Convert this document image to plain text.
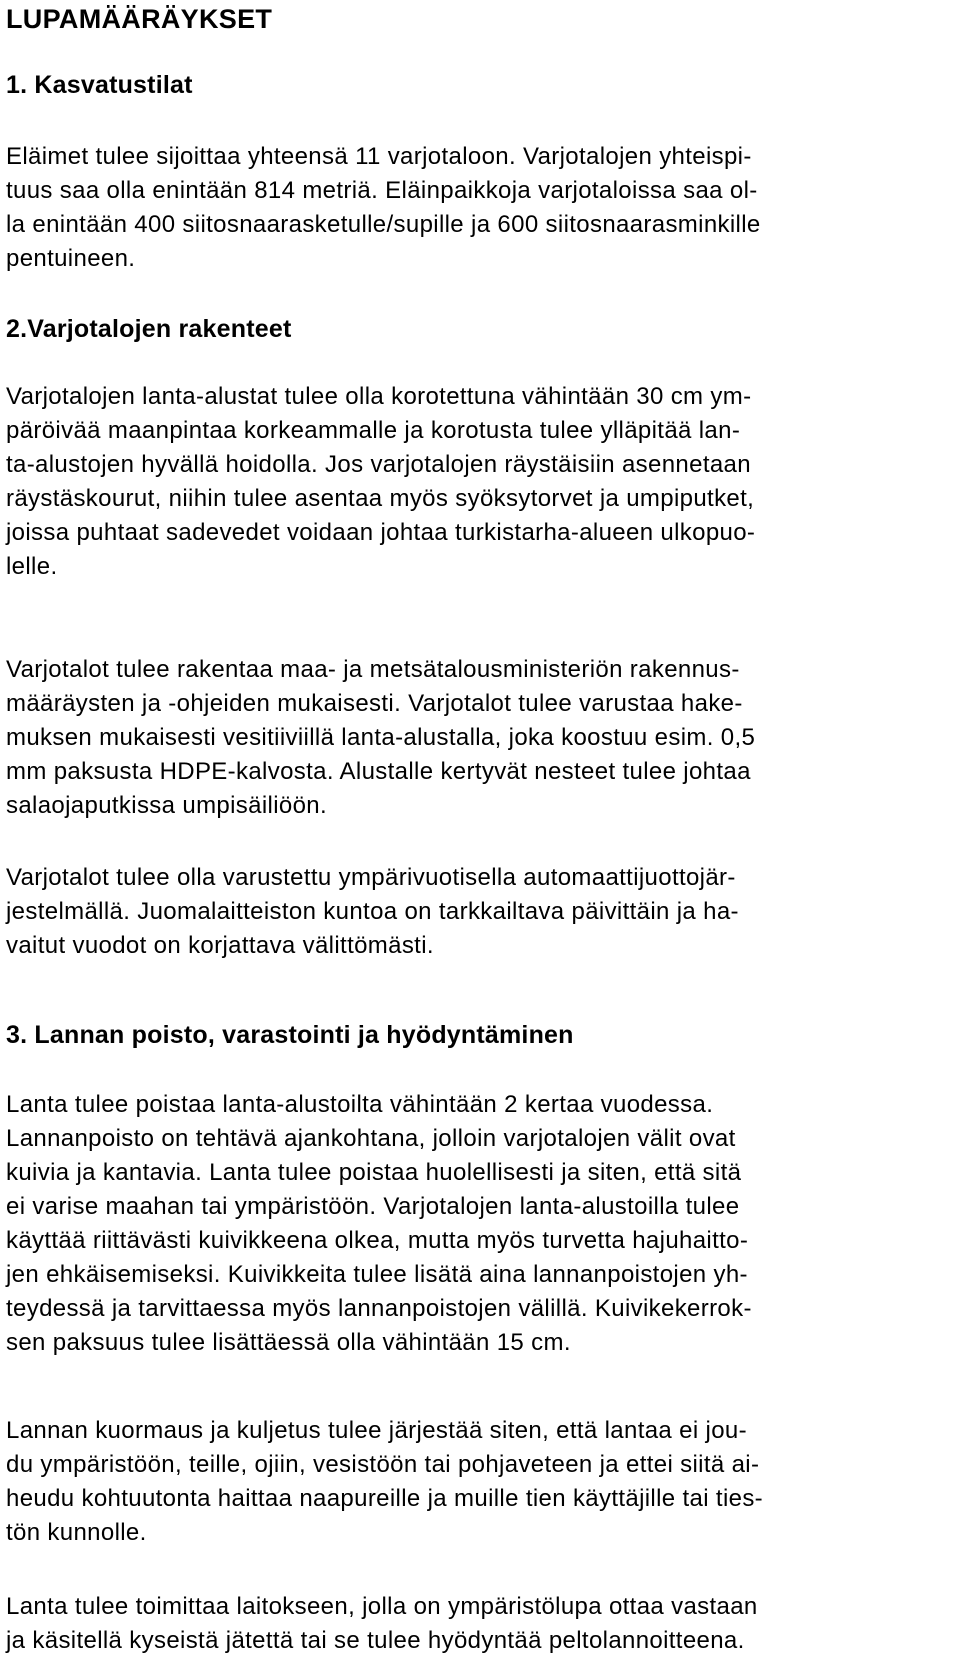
LUPAMÄÄRÄYKSET
1. Kasvatustilat
Eläimet tulee sijoittaa yhteensä 11 varjotaloon. Varjotalojen yhteispi-
tuus saa olla enintään 814 metriä. Eläinpaikkoja varjotaloissa saa ol-
la enintään 400 siitosnaarasketulle/supille ja 600 siitosnaarasminkille
pentuineen.
2.Varjotalojen rakenteet
Varjotalojen lanta-alustat tulee olla korotettuna vähintään 30 cm ym-
päröivää maanpintaa korkeammalle ja korotusta tulee ylläpitää lan-
ta-alustojen hyvällä hoidolla. Jos varjotalojen räystäisiin asennetaan
räystäskourut, niihin tulee asentaa myös syöksytorvet ja umpiputket,
joissa puhtaat sadevedet voidaan johtaa turkistarha-alueen ulkopuo-
lelle.
Varjotalot tulee rakentaa maa- ja metsätalousministeriön rakennus-
määräysten ja -ohjeiden mukaisesti. Varjotalot tulee varustaa hake-
muksen mukaisesti vesitiiviillä lanta-alustalla, joka koostuu esim. 0,5
mm paksusta HDPE-kalvosta. Alustalle kertyvät nesteet tulee johtaa
salaojaputkissa umpisäiliöön.
Varjotalot tulee olla varustettu ympärivuotisella automaattijuottojär-
jestelmällä. Juomalaitteiston kuntoa on tarkkailtava päivittäin ja ha-
vaitut vuodot on korjattava välittömästi.
3. Lannan poisto, varastointi ja hyödyntäminen
Lanta tulee poistaa lanta-alustoilta vähintään 2 kertaa vuodessa.
Lannanpoisto on tehtävä ajankohtana, jolloin varjotalojen välit ovat
kuivia ja kantavia. Lanta tulee poistaa huolellisesti ja siten, että sitä
ei varise maahan tai ympäristöön. Varjotalojen lanta-alustoilla tulee
käyttää riittävästi kuivikkeena olkea, mutta myös turvetta hajuhaitto-
jen ehkäisemiseksi. Kuivikkeita tulee lisätä aina lannanpoistojen yh-
teydessä ja tarvittaessa myös lannanpoistojen välillä. Kuivikekerrok-
sen paksuus tulee lisättäessä olla vähintään 15 cm.
Lannan kuormaus ja kuljetus tulee järjestää siten, että lantaa ei jou-
du ympäristöön, teille, ojiin, vesistöön tai pohjaveteen ja ettei siitä ai-
heudu kohtuutonta haittaa naapureille ja muille tien käyttäjille tai ties-
tön kunnolle.
Lanta tulee toimittaa laitokseen, jolla on ympäristölupa ottaa vastaan
ja käsitellä kyseistä jätettä tai se tulee hyödyntää peltolannoitteena.
